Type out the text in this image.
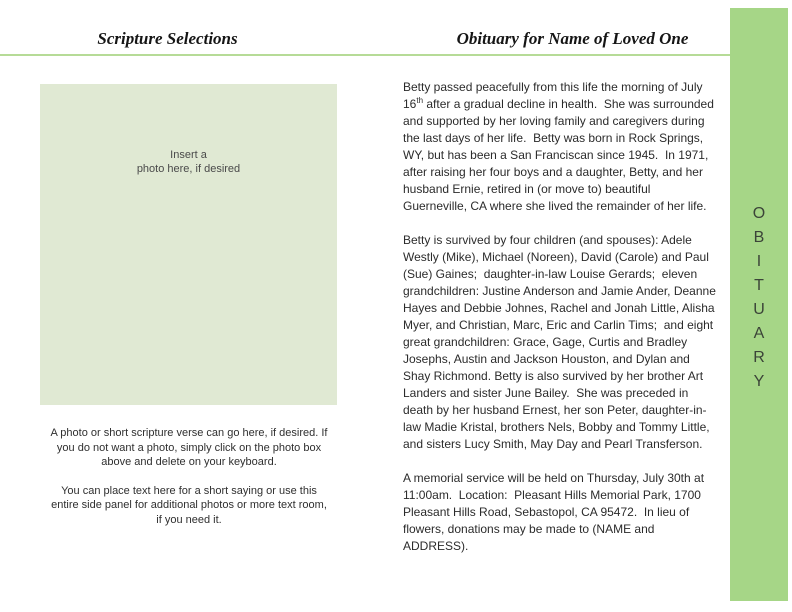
Scripture Selections	Obituary for Name of Loved One
O
B
I
T
U
A
R
Y
Insert a
photo here, if desired

A photo or short scripture verse can go here, if desired. If you do not want a photo, simply click on the photo box above and delete on your keyboard.

You can place text here for a short saying or use this entire side panel for additional photos or more text room, if you need it.

Betty passed peacefully from this life the morning of July 16th after a gradual decline in health.  She was surrounded and supported by her loving family and caregivers during the last days of her life.  Betty was born in Rock Springs, WY, but has been a San Franciscan since 1945.  In 1971, after raising her four boys and a daughter, Betty, and her husband Ernie, retired in (or move to) beautiful Guerneville, CA where she lived the remainder of her life.

Betty is survived by four children (and spouses): Adele Westly (Mike), Michael (Noreen), David (Carole) and Paul (Sue) Gaines;  daughter-in-law Louise Gerards;  eleven grandchildren: Justine Anderson and Jamie Ander, Deanne Hayes and Debbie Johnes, Rachel and Jonah Little, Alisha Myer, and Christian, Marc, Eric and Carlin Tims;  and eight great grandchildren: Grace, Gage, Curtis and Bradley Josephs, Austin and Jackson Houston, and Dylan and Shay Richmond. Betty is also survived by her brother Art Landers and sister June Bailey.  She was preceded in death by her husband Ernest, her son Peter, daughter-in-law Madie Kristal, brothers Nels, Bobby and Tommy Little, and sisters Lucy Smith, May Day and Pearl Transferson.

A memorial service will be held on Thursday, July 30th at 11:00am.  Location:  Pleasant Hills Memorial Park, 1700 Pleasant Hills Road, Sebastopol, CA 95472.  In lieu of flowers, donations may be made to (NAME and ADDRESS).
